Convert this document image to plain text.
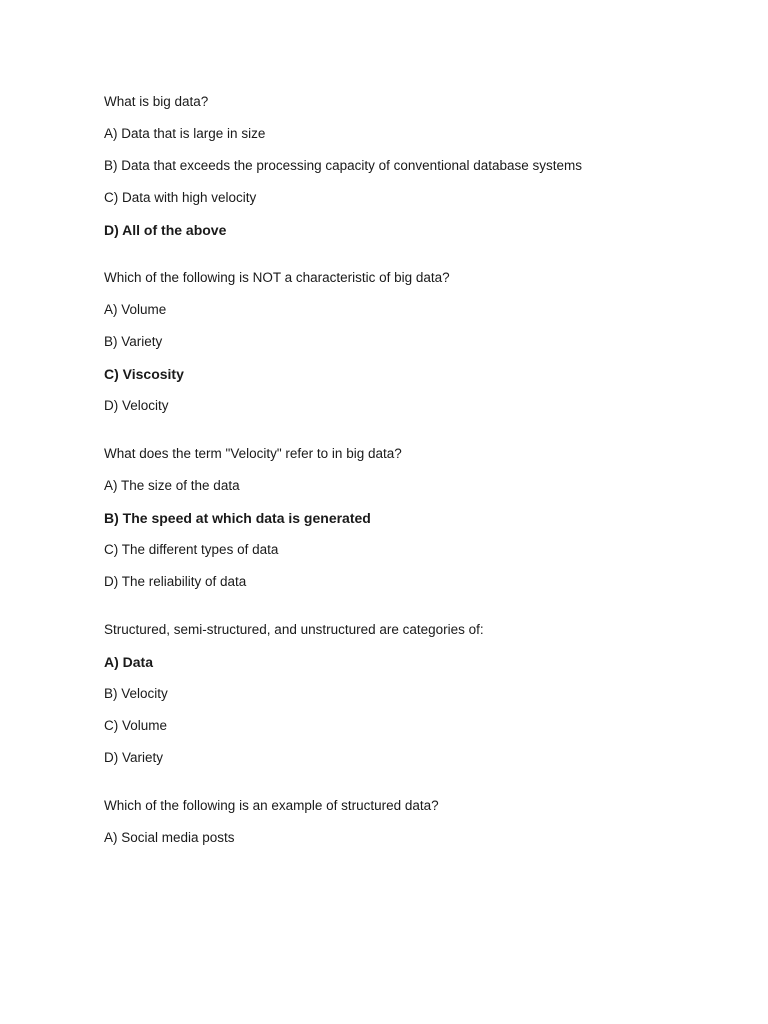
What is big data?
A) Data that is large in size
B) Data that exceeds the processing capacity of conventional database systems
C) Data with high velocity
D) All of the above
Which of the following is NOT a characteristic of big data?
A) Volume
B) Variety
C) Viscosity
D) Velocity
What does the term "Velocity" refer to in big data?
A) The size of the data
B) The speed at which data is generated
C) The different types of data
D) The reliability of data
Structured, semi-structured, and unstructured are categories of:
A) Data
B) Velocity
C) Volume
D) Variety
Which of the following is an example of structured data?
A) Social media posts
